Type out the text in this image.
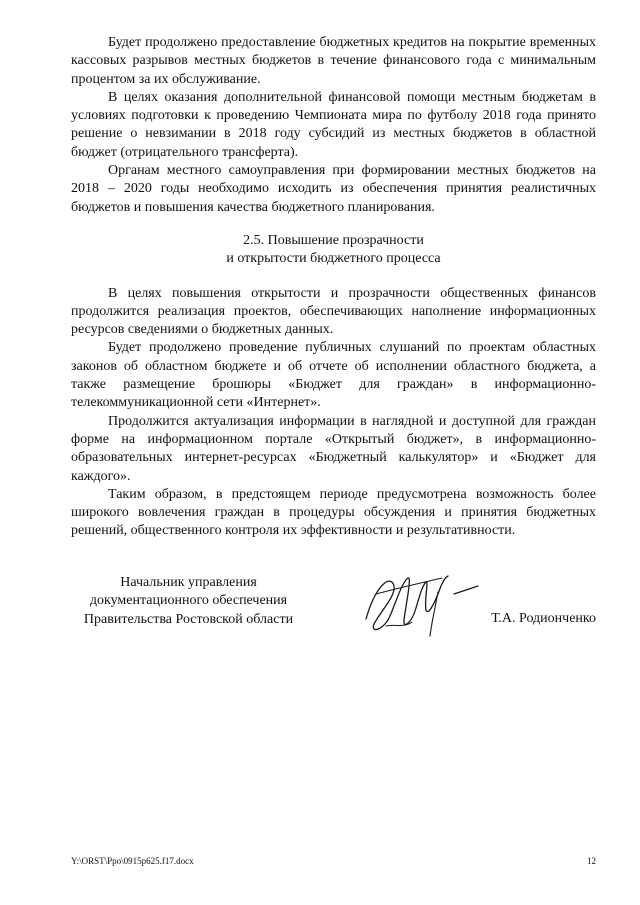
Будет продолжено предоставление бюджетных кредитов на покрытие временных кассовых разрывов местных бюджетов в течение финансового года с минимальным процентом за их обслуживание.

В целях оказания дополнительной финансовой помощи местным бюджетам в условиях подготовки к проведению Чемпионата мира по футболу 2018 года принято решение о невзимании в 2018 году субсидий из местных бюджетов в областной бюджет (отрицательного трансферта).

Органам местного самоуправления при формировании местных бюджетов на 2018 – 2020 годы необходимо исходить из обеспечения принятия реалистичных бюджетов и повышения качества бюджетного планирования.

2.5. Повышение прозрачности
и открытости бюджетного процесса

В целях повышения открытости и прозрачности общественных финансов продолжится реализация проектов, обеспечивающих наполнение информационных ресурсов сведениями о бюджетных данных.

Будет продолжено проведение публичных слушаний по проектам областных законов об областном бюджете и об отчете об исполнении областного бюджета, а также размещение брошюры «Бюджет для граждан» в информационно-телекоммуникационной сети «Интернет».

Продолжится актуализация информации в наглядной и доступной для граждан форме на информационном портале «Открытый бюджет», в информационно-образовательных интернет-ресурсах «Бюджетный калькулятор» и «Бюджет для каждого».

Таким образом, в предстоящем периоде предусмотрена возможность более широкого вовлечения граждан в процедуры обсуждения и принятия бюджетных решений, общественного контроля их эффективности и результативности.

Начальник управления
документационного обеспечения
Правительства Ростовской области	Т.А. Родионченко
Y:\ORST\Ppo\0915p625.f17.docx	12
